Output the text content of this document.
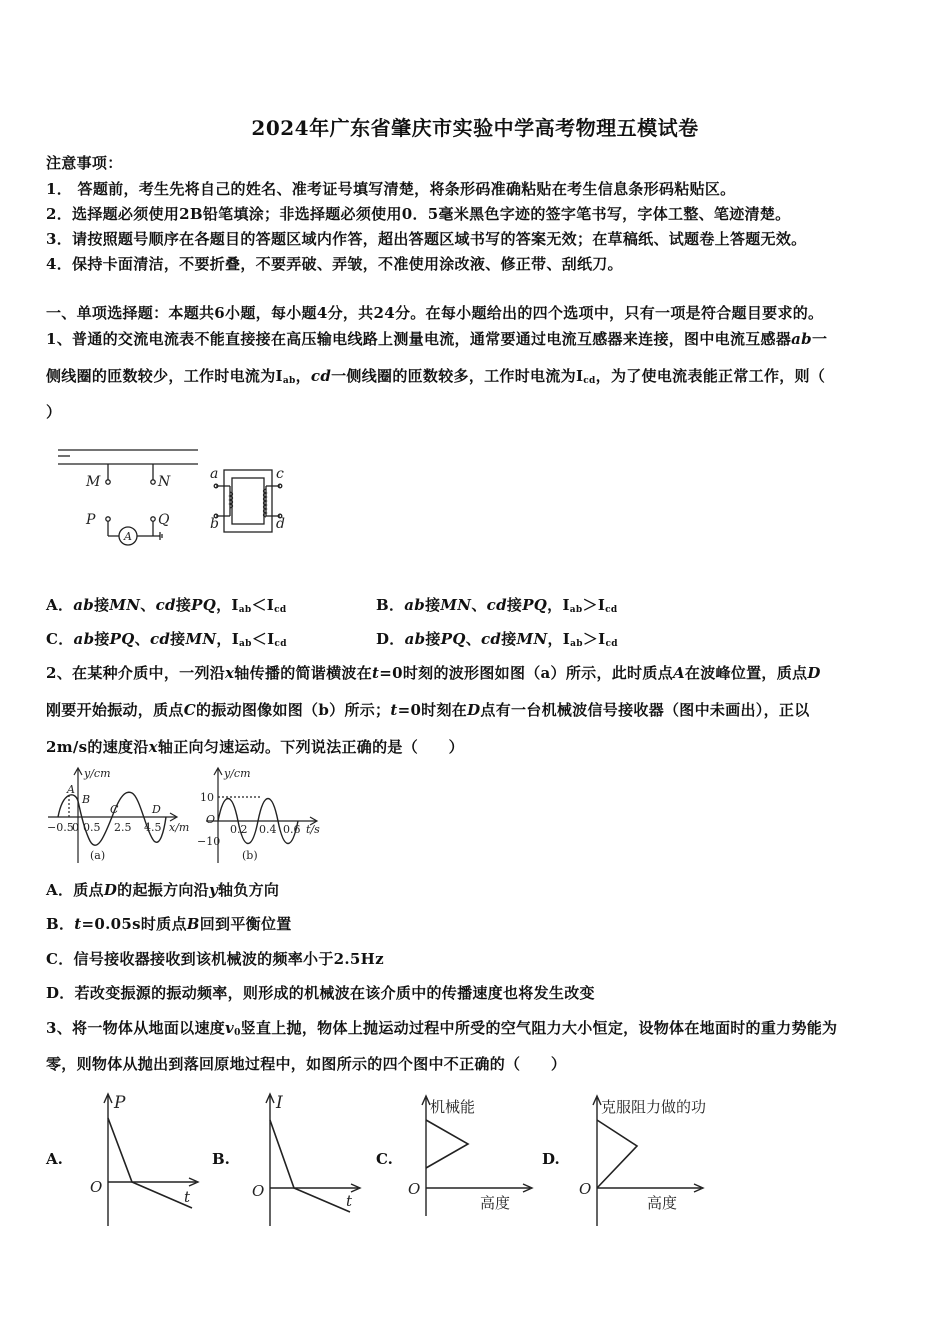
2024年广东省肇庆市实验中学高考物理五模试卷
注意事项：
1． 答题前，考生先将自己的姓名、准考证号填写清楚，将条形码准确粘贴在考生信息条形码粘贴区。
2．选择题必须使用2B铅笔填涂；非选择题必须使用0．5毫米黑色字迹的签字笔书写，字体工整、笔迹清楚。
3．请按照题号顺序在各题目的答题区域内作答，超出答题区域书写的答案无效；在草稿纸、试题卷上答题无效。
4．保持卡面清洁，不要折叠，不要弄破、弄皱，不准使用涂改液、修正带、刮纸刀。
一、单项选择题：本题共6小题，每小题4分，共24分。在每小题给出的四个选项中，只有一项是符合题目要求的。
1、普通的交流电流表不能直接接在高压输电线路上测量电流，通常要通过电流互感器来连接，图中电流互感器ab一
侧线圈的匝数较少，工作时电流为$I_{ab}$，cd一侧线圈的匝数较多，工作时电流为$I_{cd}$，为了使电流表能正常工作，则（
）
M	N
P	Q
a
b
c
d
A
A．ab接MN、cd接PQ，$I_{ab}<I_{cd}$	B．ab接MN、cd接PQ，$I_{ab}>I_{cd}$
C．ab接PQ、cd接MN，$I_{ab}<I_{cd}$	D．ab接PQ、cd接MN，$I_{ab}>I_{cd}$
2、在某种介质中，一列沿x轴传播的简谐横波在t=0时刻的波形图如图（a）所示，此时质点A在波峰位置，质点D
刚要开始振动，质点C的振动图像如图（b）所示；t=0时刻在D点有一台机械波信号接收器（图中未画出），正以
2m/s的速度沿x轴正向匀速运动。下列说法正确的是（　　）
y/cm
x/m
−0.5
0 0.5 2.5 4.5
A
B
C	D
(a)
y/cm
t/s
10
−10
O
0.2 0.4 0.6
(b)
A．质点D的起振方向沿y轴负方向
B．t=0.05s时质点B回到平衡位置
C．信号接收器接收到该机械波的频率小于2.5Hz
D．若改变振源的振动频率，则形成的机械波在该介质中的传播速度也将发生改变
3、将一物体从地面以速度$v_0$竖直上抛，物体上抛运动过程中所受的空气阻力大小恒定，设物体在地面时的重力势能为
零，则物体从抛出到落回原地过程中，如图所示的四个图中不正确的（　　）
A.	B.	C.	D.
P
t
O
I
t
O
机械能
高度
O
克服阻力做的功
高度
O
